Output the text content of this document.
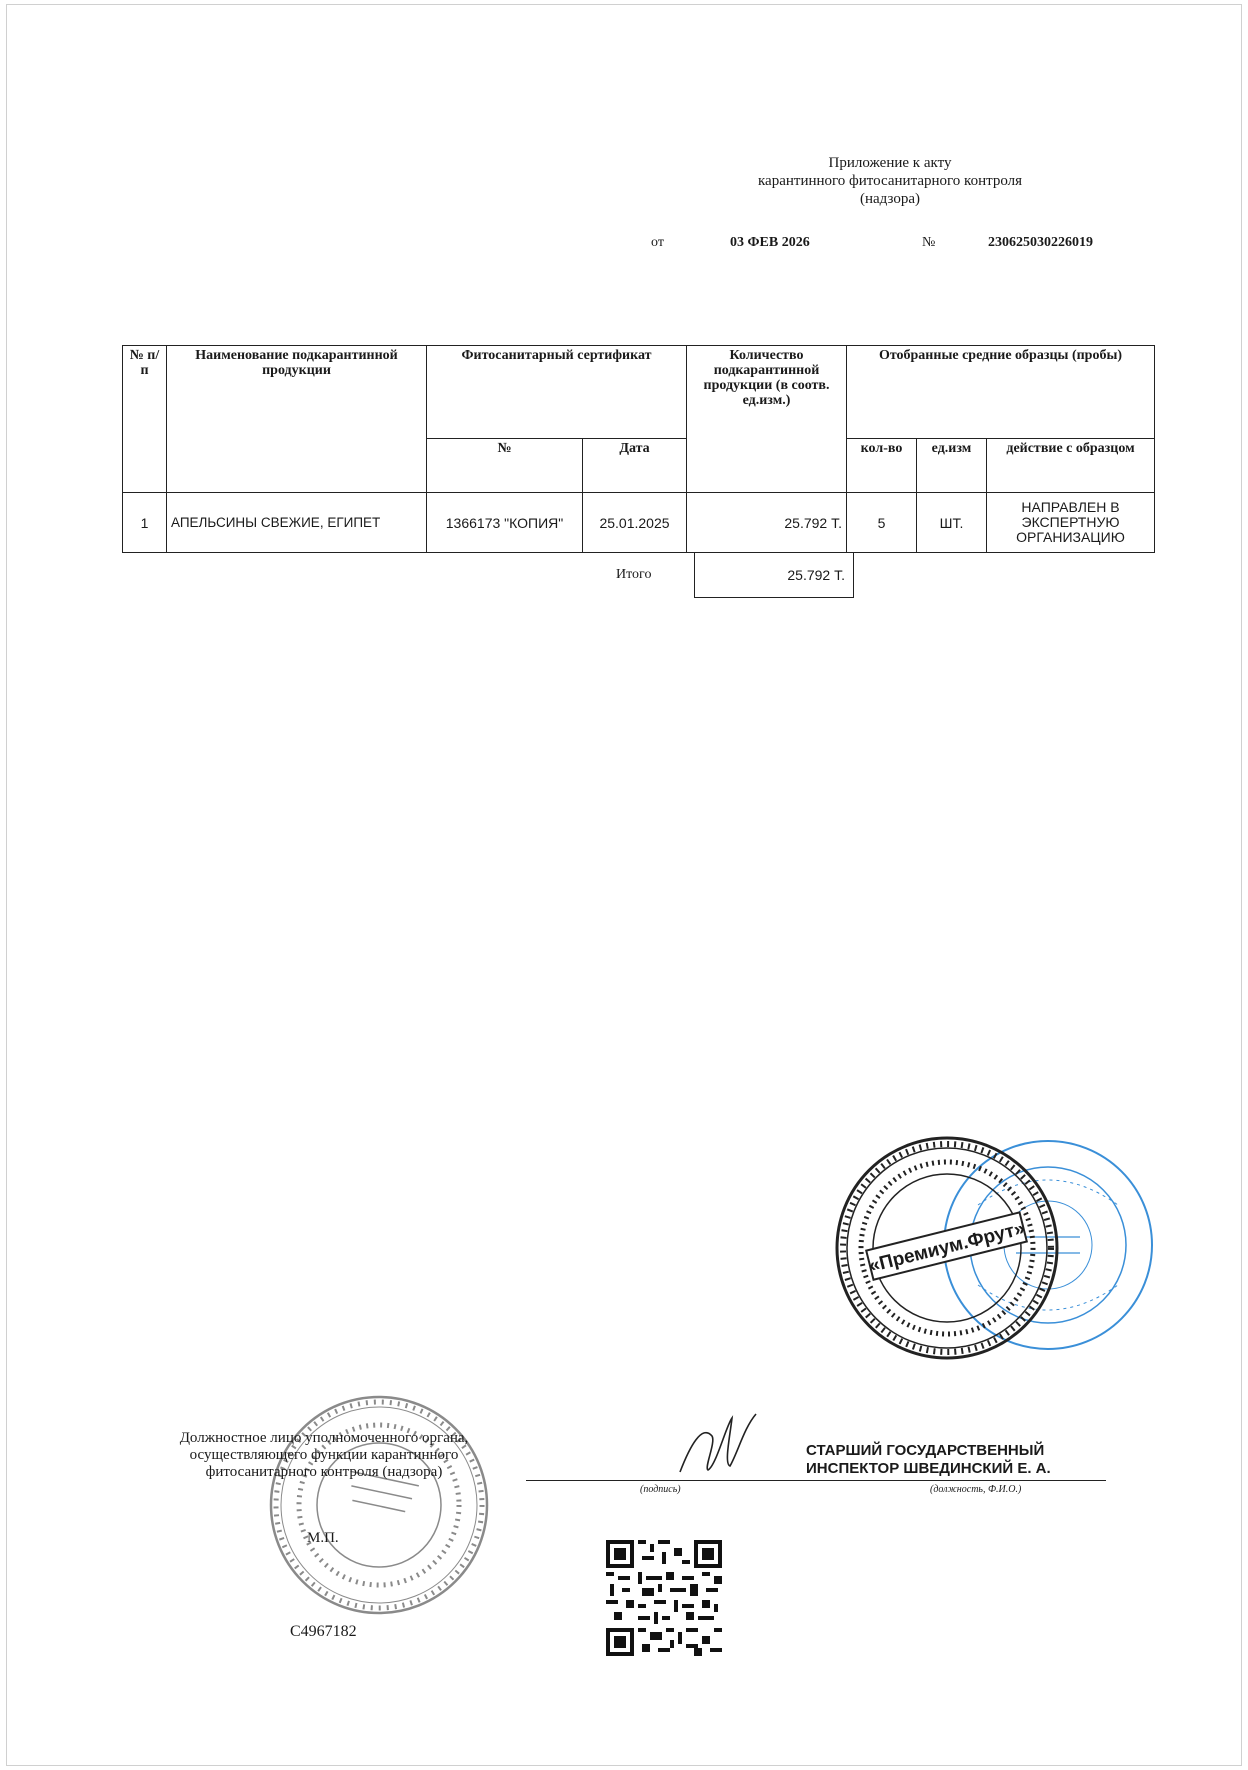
Приложение к акту
карантинного фитосанитарного контроля
(надзора)
от	03 ФЕВ 2026	№	230625030226019
№ п/п	Наименование подкарантинной продукции	Фитосанитарный сертификат		Количество подкарантинной продукции (в соотв. ед.изм.)	Отобранные средние образцы (пробы)		
		№	Дата		кол-во	ед.изм	действие с образцом
1	АПЕЛЬСИНЫ СВЕЖИЕ, ЕГИПЕТ	1366173 "КОПИЯ"	25.01.2025	25.792 Т.	5	ШТ.	НАПРАВЛЕН В ЭКСПЕРТНУЮ ОРГАНИЗАЦИЮ
Итого	25.792 Т.
«Премиум.Фрут»
Должностное лицо уполномоченного органа, осуществляющего функции карантинного фитосанитарного контроля (надзора)
М.П.
С4967182
СТАРШИЙ ГОСУДАРСТВЕННЫЙ
ИНСПЕКТОР ШВЕДИНСКИЙ Е. А.
(подпись)	(должность, Ф.И.О.)
